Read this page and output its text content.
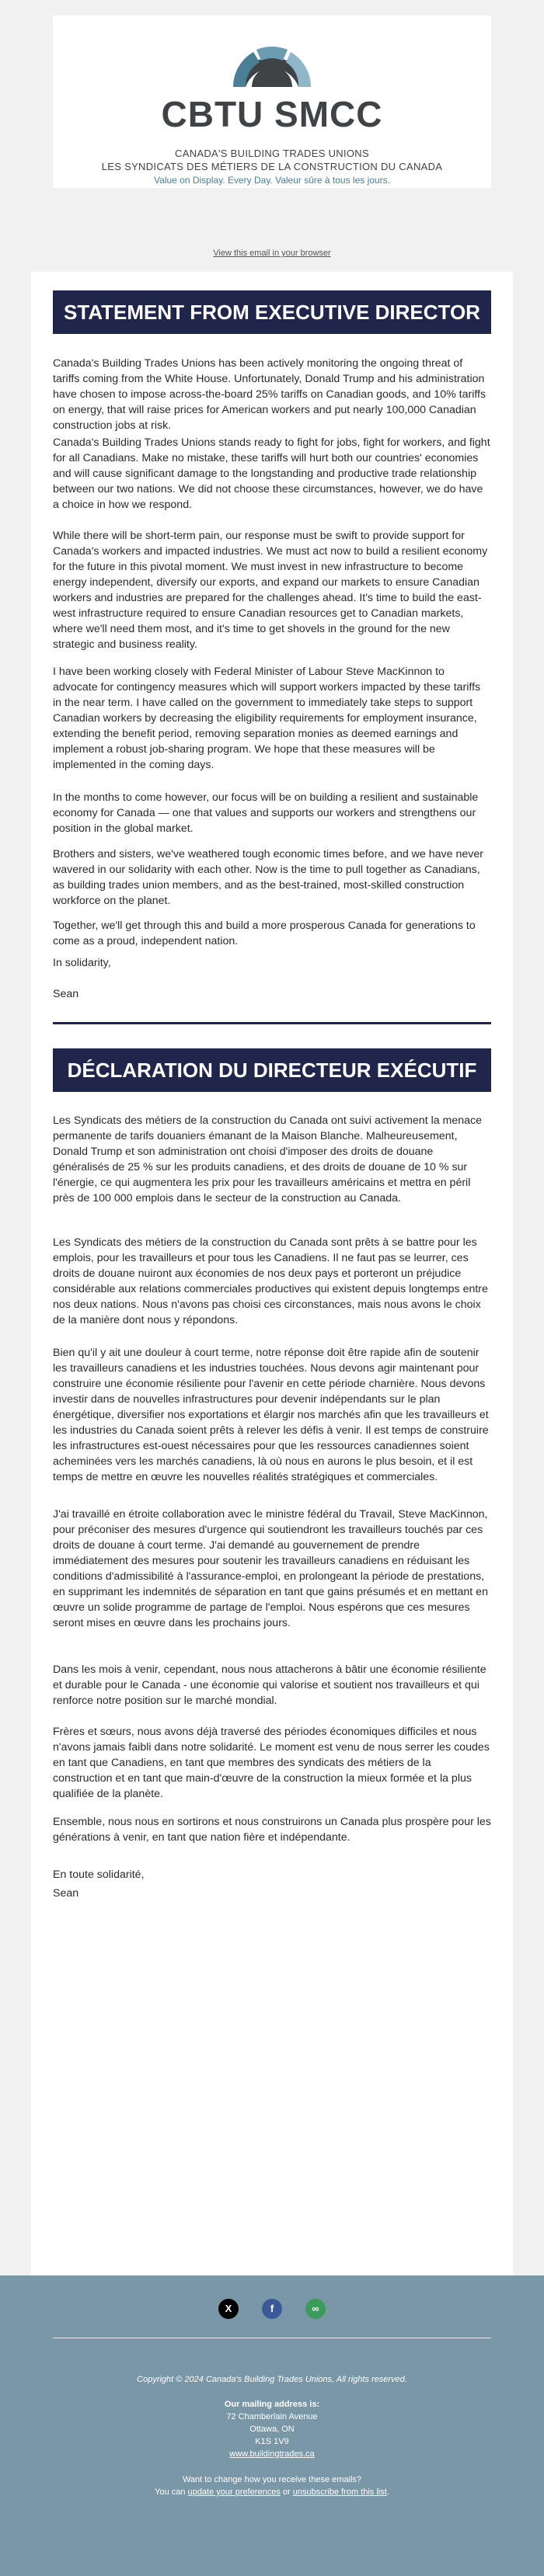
CBTU SMCC
CANADA'S BUILDING TRADES UNIONS
LES SYNDICATS DES MÉTIERS DE LA CONSTRUCTION DU CANADA
Value on Display. Every Day. Valeur sûre à tous les jours.
View this email in your browser
STATEMENT FROM EXECUTIVE DIRECTOR

Canada's Building Trades Unions has been actively monitoring the ongoing threat of tariffs coming from the White House. Unfortunately, Donald Trump and his administration have chosen to impose across-the-board 25% tariffs on Canadian goods, and 10% tariffs on energy, that will raise prices for American workers and put nearly 100,000 Canadian construction jobs at risk.

Canada's Building Trades Unions stands ready to fight for jobs, fight for workers, and fight for all Canadians. Make no mistake, these tariffs will hurt both our countries' economies and will cause significant damage to the longstanding and productive trade relationship between our two nations. We did not choose these circumstances, however, we do have a choice in how we respond.

While there will be short-term pain, our response must be swift to provide support for Canada's workers and impacted industries. We must act now to build a resilient economy for the future in this pivotal moment. We must invest in new infrastructure to become energy independent, diversify our exports, and expand our markets to ensure Canadian workers and industries are prepared for the challenges ahead. It's time to build the east-west infrastructure required to ensure Canadian resources get to Canadian markets, where we'll need them most, and it's time to get shovels in the ground for the new strategic and business reality.

I have been working closely with Federal Minister of Labour Steve MacKinnon to advocate for contingency measures which will support workers impacted by these tariffs in the near term. I have called on the government to immediately take steps to support Canadian workers by decreasing the eligibility requirements for employment insurance, extending the benefit period, removing separation monies as deemed earnings and implement a robust job-sharing program. We hope that these measures will be implemented in the coming days.

In the months to come however, our focus will be on building a resilient and sustainable economy for Canada — one that values and supports our workers and strengthens our position in the global market.

Brothers and sisters, we've weathered tough economic times before, and we have never wavered in our solidarity with each other. Now is the time to pull together as Canadians, as building trades union members, and as the best-trained, most-skilled construction workforce on the planet.

Together, we'll get through this and build a more prosperous Canada for generations to come as a proud, independent nation.

In solidarity,

Sean

DÉCLARATION DU DIRECTEUR EXÉCUTIF

Les Syndicats des métiers de la construction du Canada ont suivi activement la menace permanente de tarifs douaniers émanant de la Maison Blanche. Malheureusement, Donald Trump et son administration ont choisi d'imposer des droits de douane généralisés de 25 % sur les produits canadiens, et des droits de douane de 10 % sur l'énergie, ce qui augmentera les prix pour les travailleurs américains et mettra en péril près de 100 000 emplois dans le secteur de la construction au Canada.

Les Syndicats des métiers de la construction du Canada sont prêts à se battre pour les emplois, pour les travailleurs et pour tous les Canadiens. Il ne faut pas se leurrer, ces droits de douane nuiront aux économies de nos deux pays et porteront un préjudice considérable aux relations commerciales productives qui existent depuis longtemps entre nos deux nations. Nous n'avons pas choisi ces circonstances, mais nous avons le choix de la manière dont nous y répondons.

Bien qu'il y ait une douleur à court terme, notre réponse doit être rapide afin de soutenir les travailleurs canadiens et les industries touchées. Nous devons agir maintenant pour construire une économie résiliente pour l'avenir en cette période charnière. Nous devons investir dans de nouvelles infrastructures pour devenir indépendants sur le plan énergétique, diversifier nos exportations et élargir nos marchés afin que les travailleurs et les industries du Canada soient prêts à relever les défis à venir. Il est temps de construire les infrastructures est-ouest nécessaires pour que les ressources canadiennes soient acheminées vers les marchés canadiens, là où nous en aurons le plus besoin, et il est temps de mettre en œuvre les nouvelles réalités stratégiques et commerciales.

J'ai travaillé en étroite collaboration avec le ministre fédéral du Travail, Steve MacKinnon, pour préconiser des mesures d'urgence qui soutiendront les travailleurs touchés par ces droits de douane à court terme. J'ai demandé au gouvernement de prendre immédiatement des mesures pour soutenir les travailleurs canadiens en réduisant les conditions d'admissibilité à l'assurance-emploi, en prolongeant la période de prestations, en supprimant les indemnités de séparation en tant que gains présumés et en mettant en œuvre un solide programme de partage de l'emploi. Nous espérons que ces mesures seront mises en œuvre dans les prochains jours.

Dans les mois à venir, cependant, nous nous attacherons à bâtir une économie résiliente et durable pour le Canada - une économie qui valorise et soutient nos travailleurs et qui renforce notre position sur le marché mondial.

Frères et sœurs, nous avons déjà traversé des périodes économiques difficiles et nous n'avons jamais faibli dans notre solidarité. Le moment est venu de nous serrer les coudes en tant que Canadiens, en tant que membres des syndicats des métiers de la construction et en tant que main-d'œuvre de la construction la mieux formée et la plus qualifiée de la planète.

Ensemble, nous nous en sortirons et nous construirons un Canada plus prospère pour les générations à venir, en tant que nation fière et indépendante.

En toute solidarité,

Sean

X	f	∞
Copyright © 2024 Canada's Building Trades Unions, All rights reserved.
Our mailing address is:
72 Chamberlain Avenue
Ottawa, ON
K1S 1V9
www.buildingtrades.ca
Want to change how you receive these emails?
You can update your preferences or unsubscribe from this list.
